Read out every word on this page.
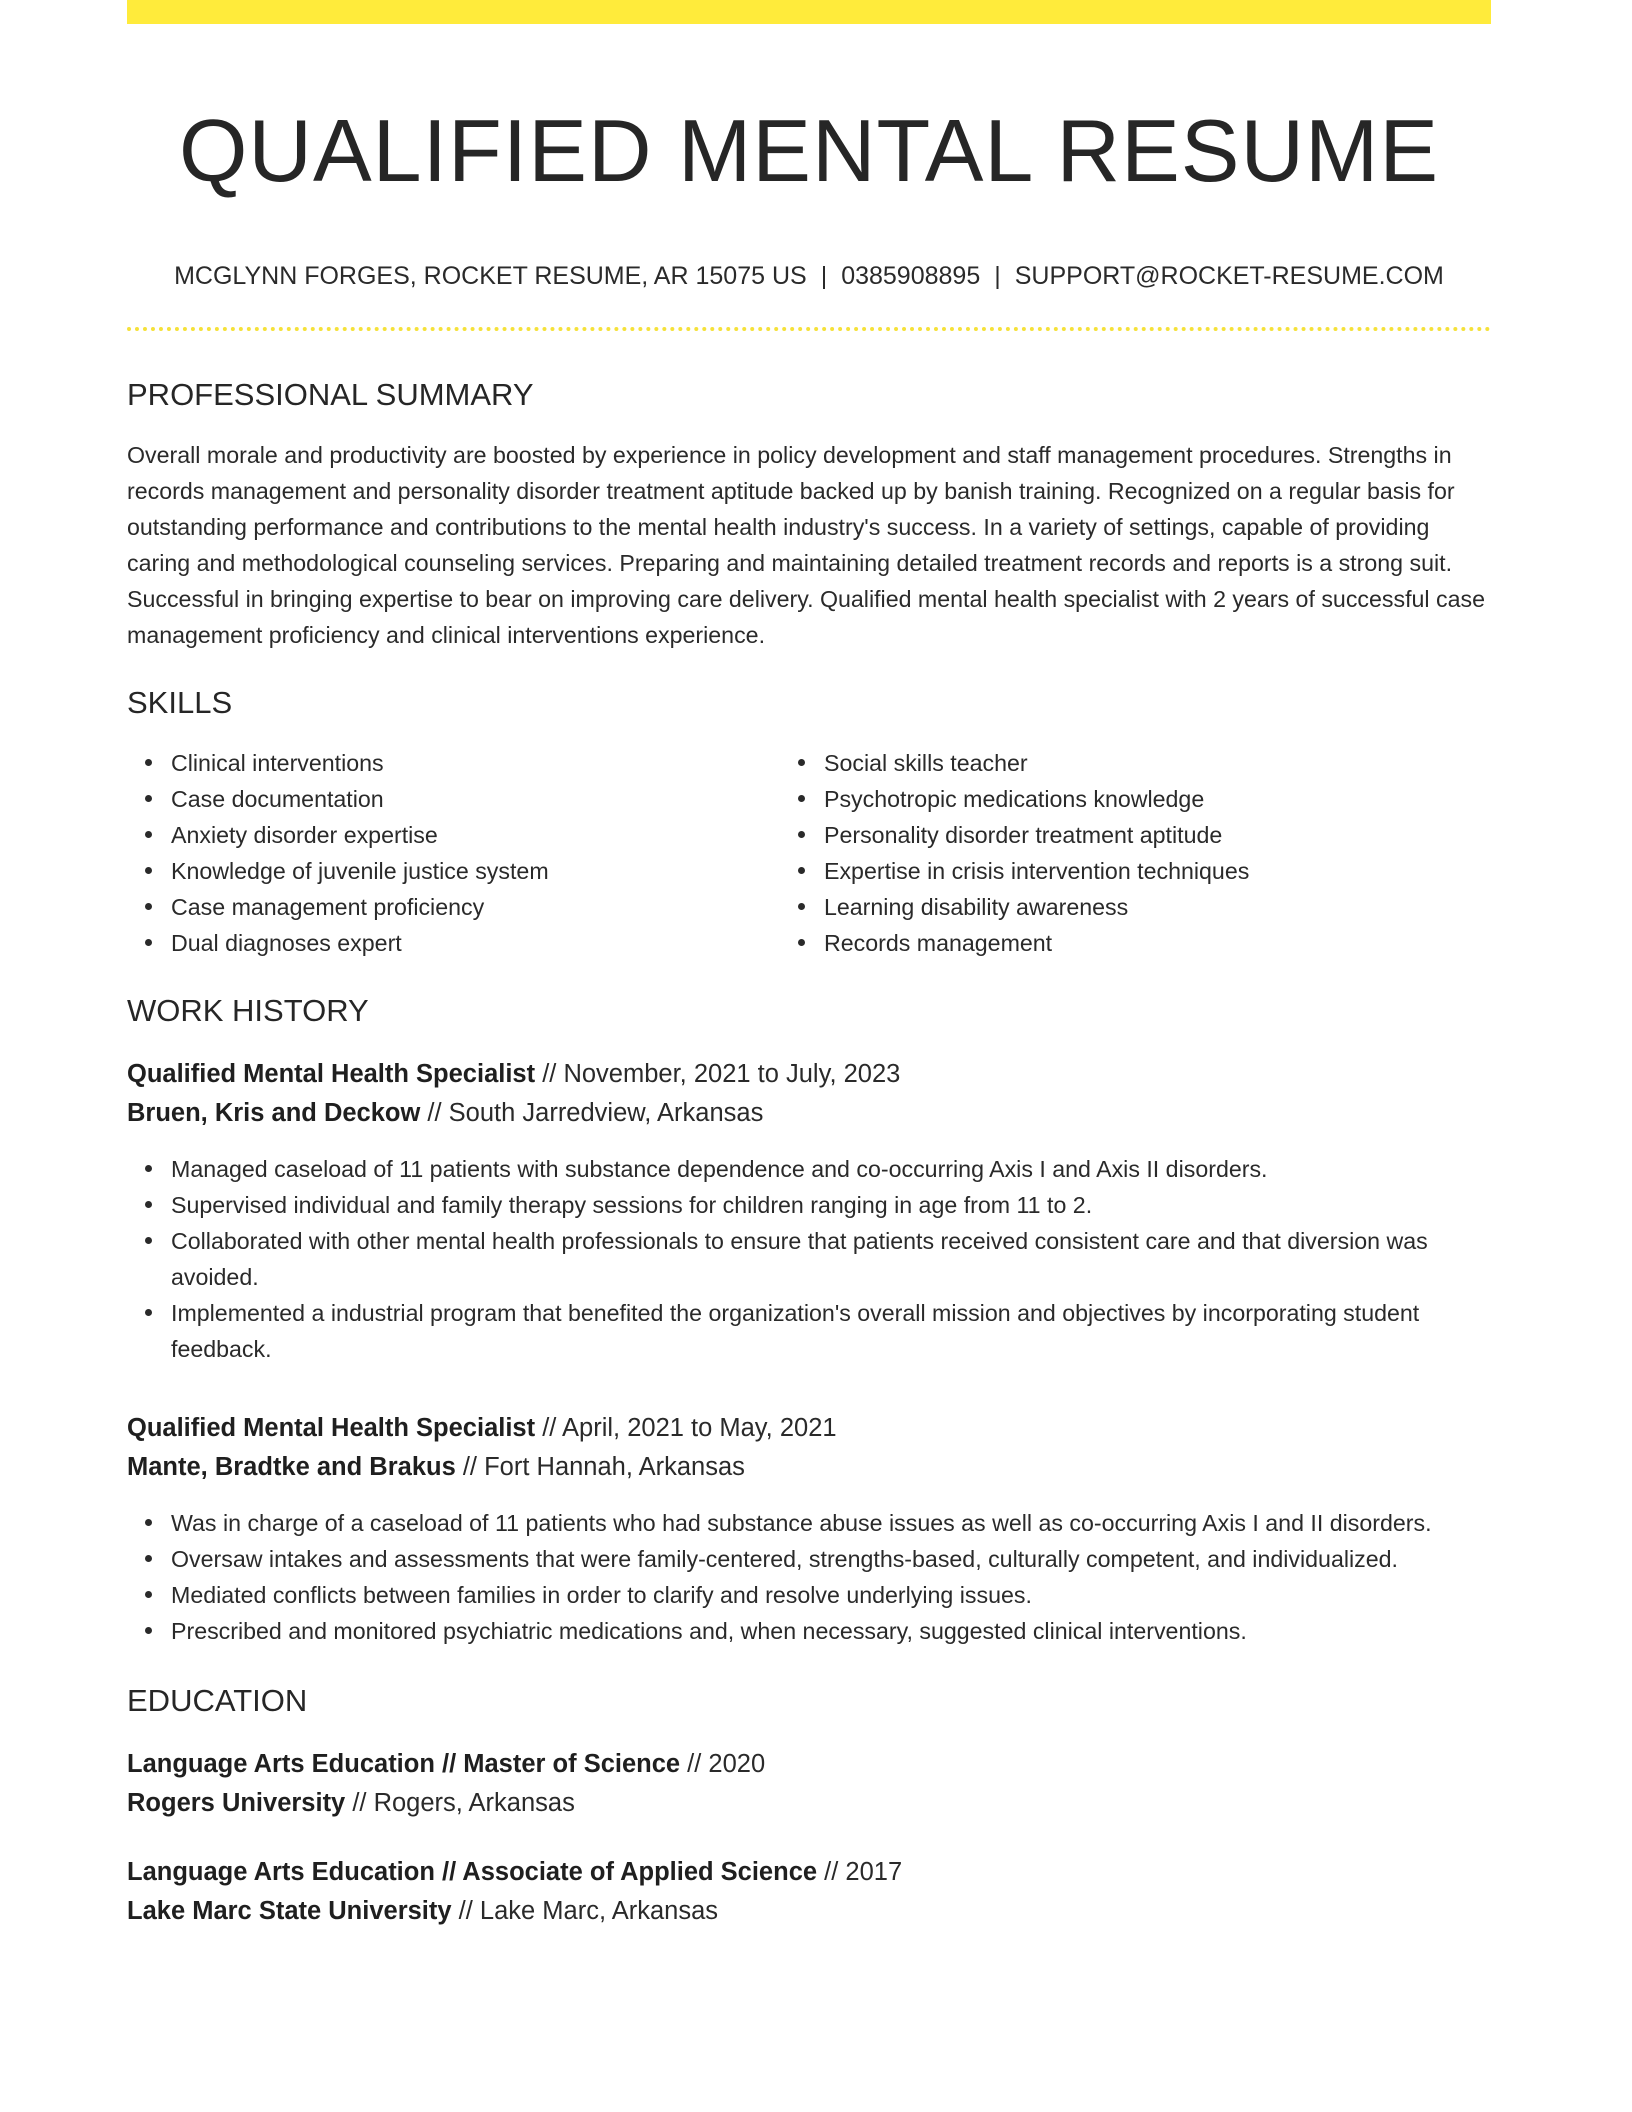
QUALIFIED MENTAL RESUME
MCGLYNN FORGES, ROCKET RESUME, AR 15075 US | 0385908895 | SUPPORT@ROCKET-RESUME.COM
PROFESSIONAL SUMMARY

Overall morale and productivity are boosted by experience in policy development and staff management procedures. Strengths in records management and personality disorder treatment aptitude backed up by banish training. Recognized on a regular basis for outstanding performance and contributions to the mental health industry's success. In a variety of settings, capable of providing caring and methodological counseling services. Preparing and maintaining detailed treatment records and reports is a strong suit. Successful in bringing expertise to bear on improving care delivery. Qualified mental health specialist with 2 years of successful case management proficiency and clinical interventions experience.

SKILLS
Clinical interventions
Case documentation
Anxiety disorder expertise
Knowledge of juvenile justice system
Case management proficiency
Dual diagnoses expert
Social skills teacher
Psychotropic medications knowledge
Personality disorder treatment aptitude
Expertise in crisis intervention techniques
Learning disability awareness
Records management
WORK HISTORY
Qualified Mental Health Specialist // November, 2021 to July, 2023
Bruen, Kris and Deckow // South Jarredview, Arkansas
Managed caseload of 11 patients with substance dependence and co-occurring Axis I and Axis II disorders.
Supervised individual and family therapy sessions for children ranging in age from 11 to 2.
Collaborated with other mental health professionals to ensure that patients received consistent care and that diversion was avoided.
Implemented a industrial program that benefited the organization's overall mission and objectives by incorporating student feedback.
Qualified Mental Health Specialist // April, 2021 to May, 2021
Mante, Bradtke and Brakus // Fort Hannah, Arkansas
Was in charge of a caseload of 11 patients who had substance abuse issues as well as co-occurring Axis I and II disorders.
Oversaw intakes and assessments that were family-centered, strengths-based, culturally competent, and individualized.
Mediated conflicts between families in order to clarify and resolve underlying issues.
Prescribed and monitored psychiatric medications and, when necessary, suggested clinical interventions.
EDUCATION
Language Arts Education // Master of Science // 2020
Rogers University // Rogers, Arkansas
Language Arts Education // Associate of Applied Science // 2017
Lake Marc State University // Lake Marc, Arkansas
